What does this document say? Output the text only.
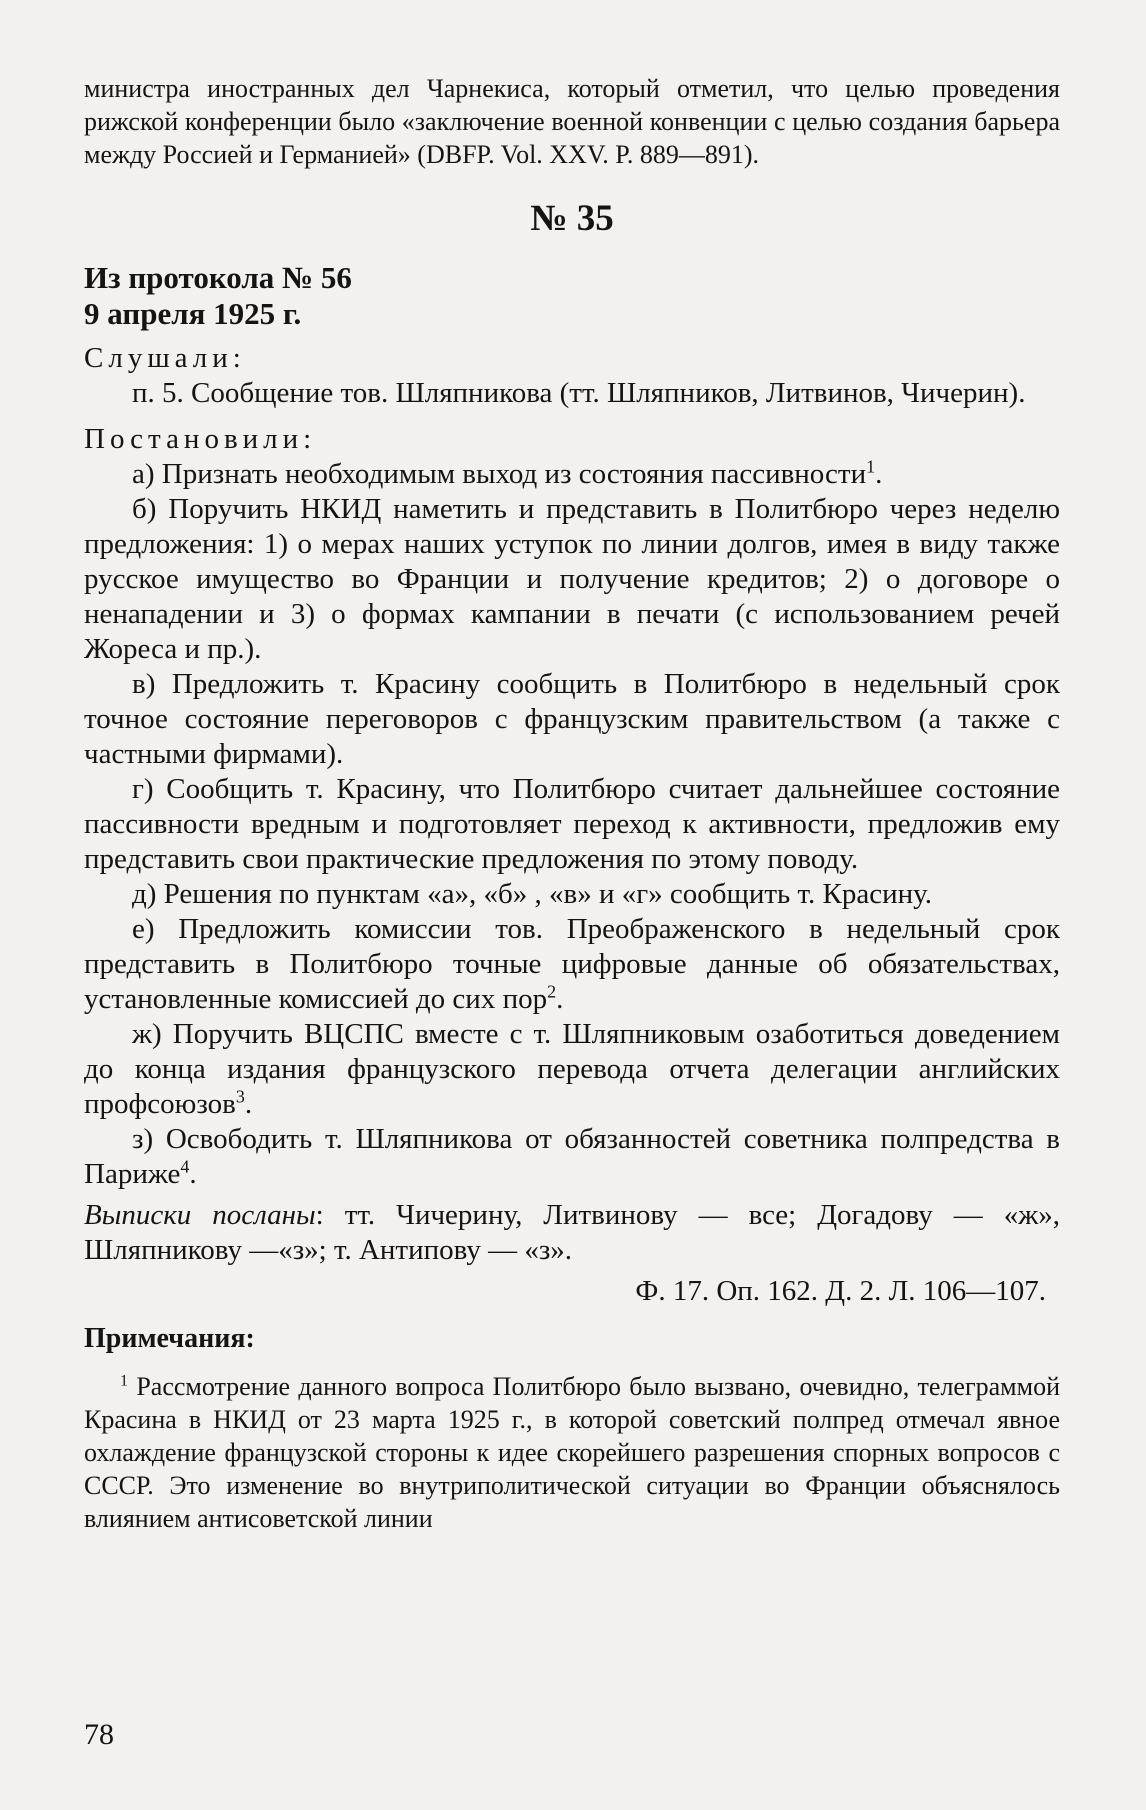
министра иностранных дел Чарнекиса, который отметил, что целью проведения рижской конференции было «заключение военной конвенции с целью создания барьера между Россией и Германией» (DBFP. Vol. XXV. P. 889—891).
№ 35
Из протокола № 56
9 апреля 1925 г.
Слушали:
п. 5. Сообщение тов. Шляпникова (тт. Шляпников, Литвинов, Чичерин).
Постановили:
а) Признать необходимым выход из состояния пассивности$^1$.
б) Поручить НКИД наметить и представить в Политбюро через неделю предложения: 1) о мерах наших уступок по линии долгов, имея в виду также русское имущество во Франции и получение кредитов; 2) о договоре о ненападении и 3) о формах кампании в печати (с использованием речей Жореса и пр.).
в) Предложить т. Красину сообщить в Политбюро в недельный срок точное состояние переговоров с французским правительством (а также с частными фирмами).
г) Сообщить т. Красину, что Политбюро считает дальнейшее состояние пассивности вредным и подготовляет переход к активности, предложив ему представить свои практические предложения по этому поводу.
д) Решения по пунктам «а», «б» , «в» и «г» сообщить т. Красину.
е) Предложить комиссии тов. Преображенского в недельный срок представить в Политбюро точные цифровые данные об обязательствах, установленные комиссией до сих пор$^2$.
ж) Поручить ВЦСПС вместе с т. Шляпниковым озаботиться доведением до конца издания французского перевода отчета делегации английских профсоюзов$^3$.
з) Освободить т. Шляпникова от обязанностей советника полпредства в Париже$^4$.
Выписки посланы: тт. Чичерину, Литвинову — все; Догадову — «ж», Шляпникову —«з»; т. Антипову — «з».
Ф. 17. Оп. 162. Д. 2. Л. 106—107.
Примечания:
$^1$ Рассмотрение данного вопроса Политбюро было вызвано, очевидно, телеграммой Красина в НКИД от 23 марта 1925 г., в которой советский полпред отмечал явное охлаждение французской стороны к идее скорейшего разрешения спорных вопросов с СССР. Это изменение во внутриполитической ситуации во Франции объяснялось влиянием антисоветской линии
78
